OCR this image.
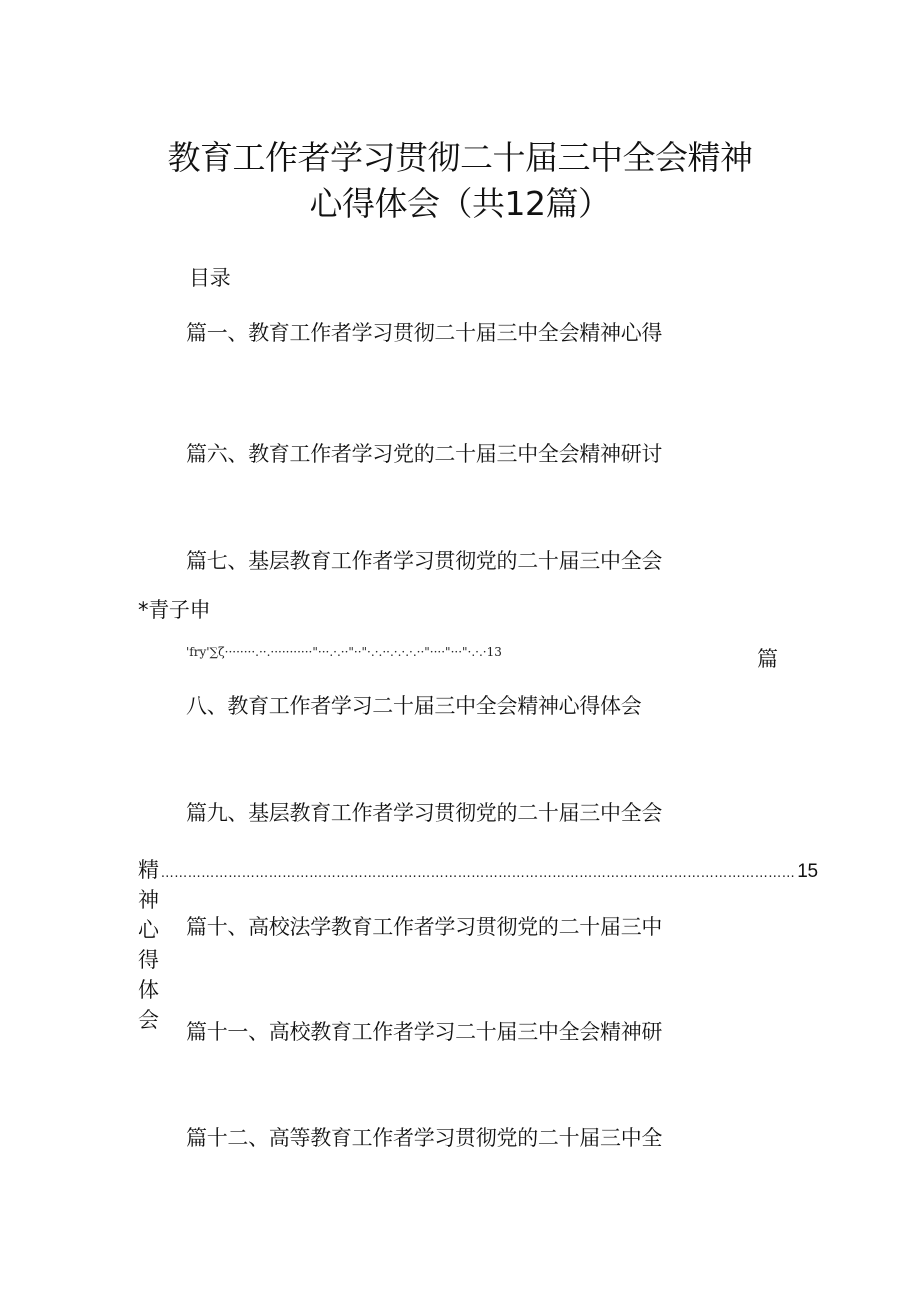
教育工作者学习贯彻二十届三中全会精神
心得体会（共12篇）
目录
篇一、教育工作者学习贯彻二十届三中全会精神心得
篇六、教育工作者学习党的二十届三中全会精神研讨
篇七、基层教育工作者学习贯彻党的二十届三中全会
*青子申
'fry'∑ζ········.··.···········"···.·.··"··"·.·.··.·.·.·.··"····"···"·.·.·13	篇
八、教育工作者学习二十届三中全会精神心得体会
篇九、基层教育工作者学习贯彻党的二十届三中全会
精神心得体会
…………………………………………………………………………………………………………………………… 15
篇十、高校法学教育工作者学习贯彻党的二十届三中
篇十一、高校教育工作者学习二十届三中全会精神研
篇十二、高等教育工作者学习贯彻党的二十届三中全
